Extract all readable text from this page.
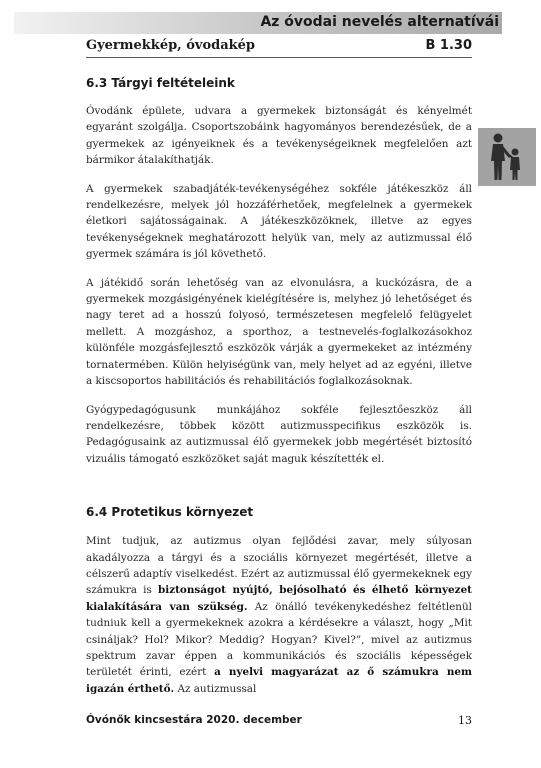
Az óvodai nevelés alternatívái
Gyermekkép, óvodakép	B 1.30
6.3 Tárgyi feltételeink

Óvodánk épülete, udvara a gyermekek biztonságát és kényelmét egyaránt szolgálja. Csoportszobáink hagyományos berendezésűek, de a gyermekek az igényeiknek és a tevékenységeiknek megfelelően azt bármikor átalakíthatják.

A gyermekek szabadjáték-tevékenységéhez sokféle játékeszköz áll rendelkezésre, melyek jól hozzáférhetőek, megfelelnek a gyermekek életkori sajátosságainak. A játékeszközöknek, illetve az egyes tevékenységeknek meghatározott helyük van, mely az autizmussal élő gyermek számára is jól követhető.

A játékidő során lehetőség van az elvonulásra, a kuckózásra, de a gyermekek mozgásigényének kielégítésére is, melyhez jó lehetőséget és nagy teret ad a hosszú folyosó, természetesen megfelelő felügyelet mellett. A mozgáshoz, a sporthoz, a testnevelés-foglalkozásokhoz különféle mozgásfejlesztő eszközök várják a gyermekeket az intézmény tornatermében. Külön helyiségünk van, mely helyet ad az egyéni, illetve a kiscsoportos habilitációs és rehabilitációs foglalkozásoknak.

Gyógypedagógusunk munkájához sokféle fejlesztőeszköz áll rendelkezésre, többek között autizmusspecifikus eszközök is. Pedagógusaink az autizmussal élő gyermekek jobb megértését biztosító vizuális támogató eszközöket saját maguk készítették el.

6.4 Protetikus környezet

Mint tudjuk, az autizmus olyan fejlődési zavar, mely súlyosan akadályozza a tárgyi és a szociális környezet megértését, illetve a célszerű adaptív viselkedést. Ezért az autizmussal élő gyermekeknek egy számukra is biztonságot nyújtó, bejósolható és élhető környezet kialakítására van szükség. Az önálló tevékenykedéshez feltétlenül tudniuk kell a gyermekeknek azokra a kérdésekre a választ, hogy „Mit csináljak? Hol? Mikor? Meddig? Hogyan? Kivel?”, mivel az autizmus spektrum zavar éppen a kommunikációs és szociális képességek területét érinti, ezért a nyelvi magyarázat az ő számukra nem igazán érthető. Az autizmussal

Óvónők kincsestára 2020. december	13
